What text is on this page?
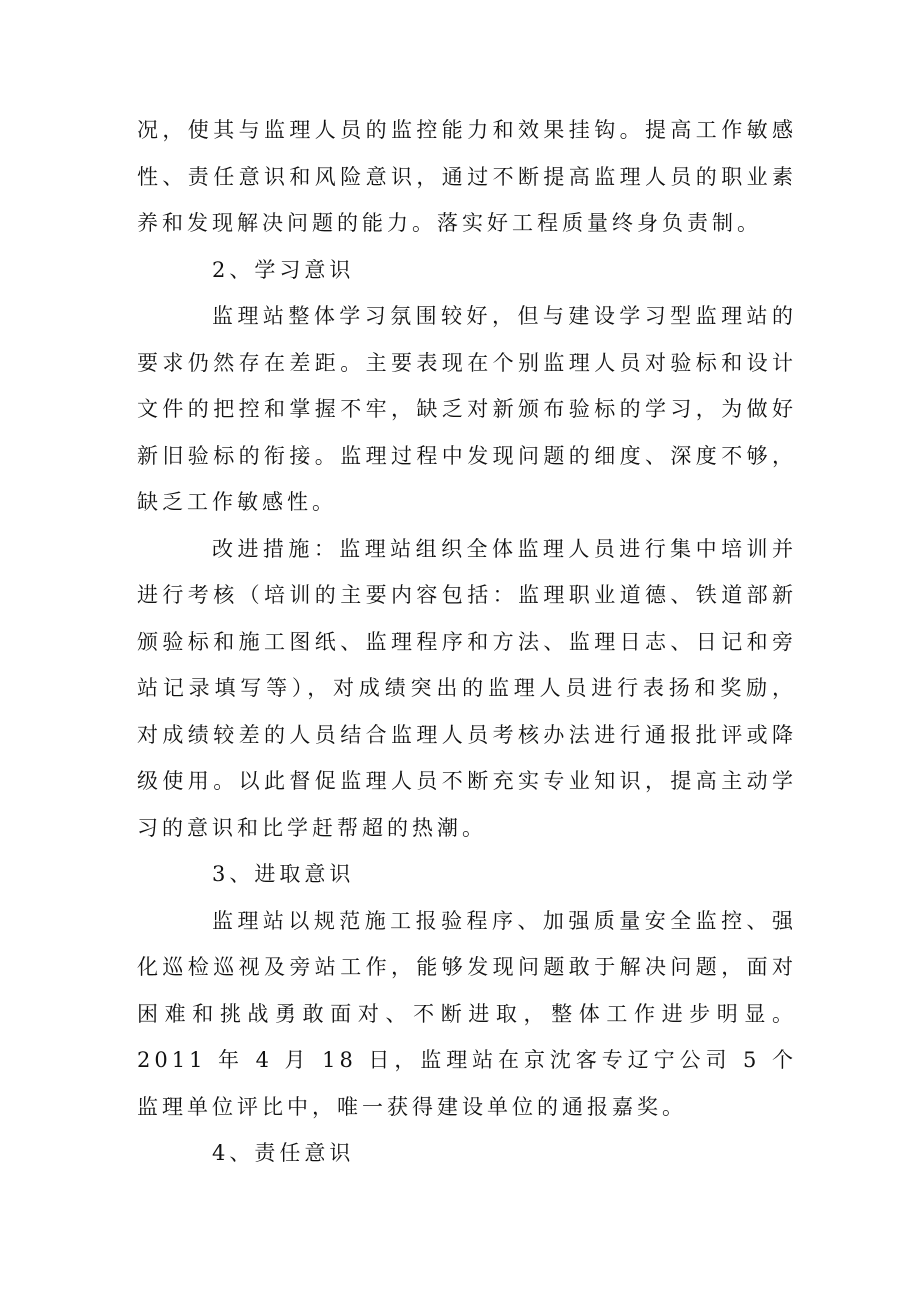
况，使其与监理人员的监控能力和效果挂钩。提高工作敏感性、责任意识和风险意识，通过不断提高监理人员的职业素养和发现解决问题的能力。落实好工程质量终身负责制。

2、学习意识

监理站整体学习氛围较好，但与建设学习型监理站的要求仍然存在差距。主要表现在个别监理人员对验标和设计文件的把控和掌握不牢，缺乏对新颁布验标的学习，为做好新旧验标的衔接。监理过程中发现问题的细度、深度不够，缺乏工作敏感性。

改进措施：监理站组织全体监理人员进行集中培训并进行考核（培训的主要内容包括：监理职业道德、铁道部新颁验标和施工图纸、监理程序和方法、监理日志、日记和旁站记录填写等），对成绩突出的监理人员进行表扬和奖励，对成绩较差的人员结合监理人员考核办法进行通报批评或降级使用。以此督促监理人员不断充实专业知识，提高主动学习的意识和比学赶帮超的热潮。

3、进取意识

监理站以规范施工报验程序、加强质量安全监控、强化巡检巡视及旁站工作，能够发现问题敢于解决问题，面对困难和挑战勇敢面对、不断进取，整体工作进步明显。2011 年 4 月 18 日，监理站在京沈客专辽宁公司 5 个监理单位评比中，唯一获得建设单位的通报嘉奖。

4、责任意识
